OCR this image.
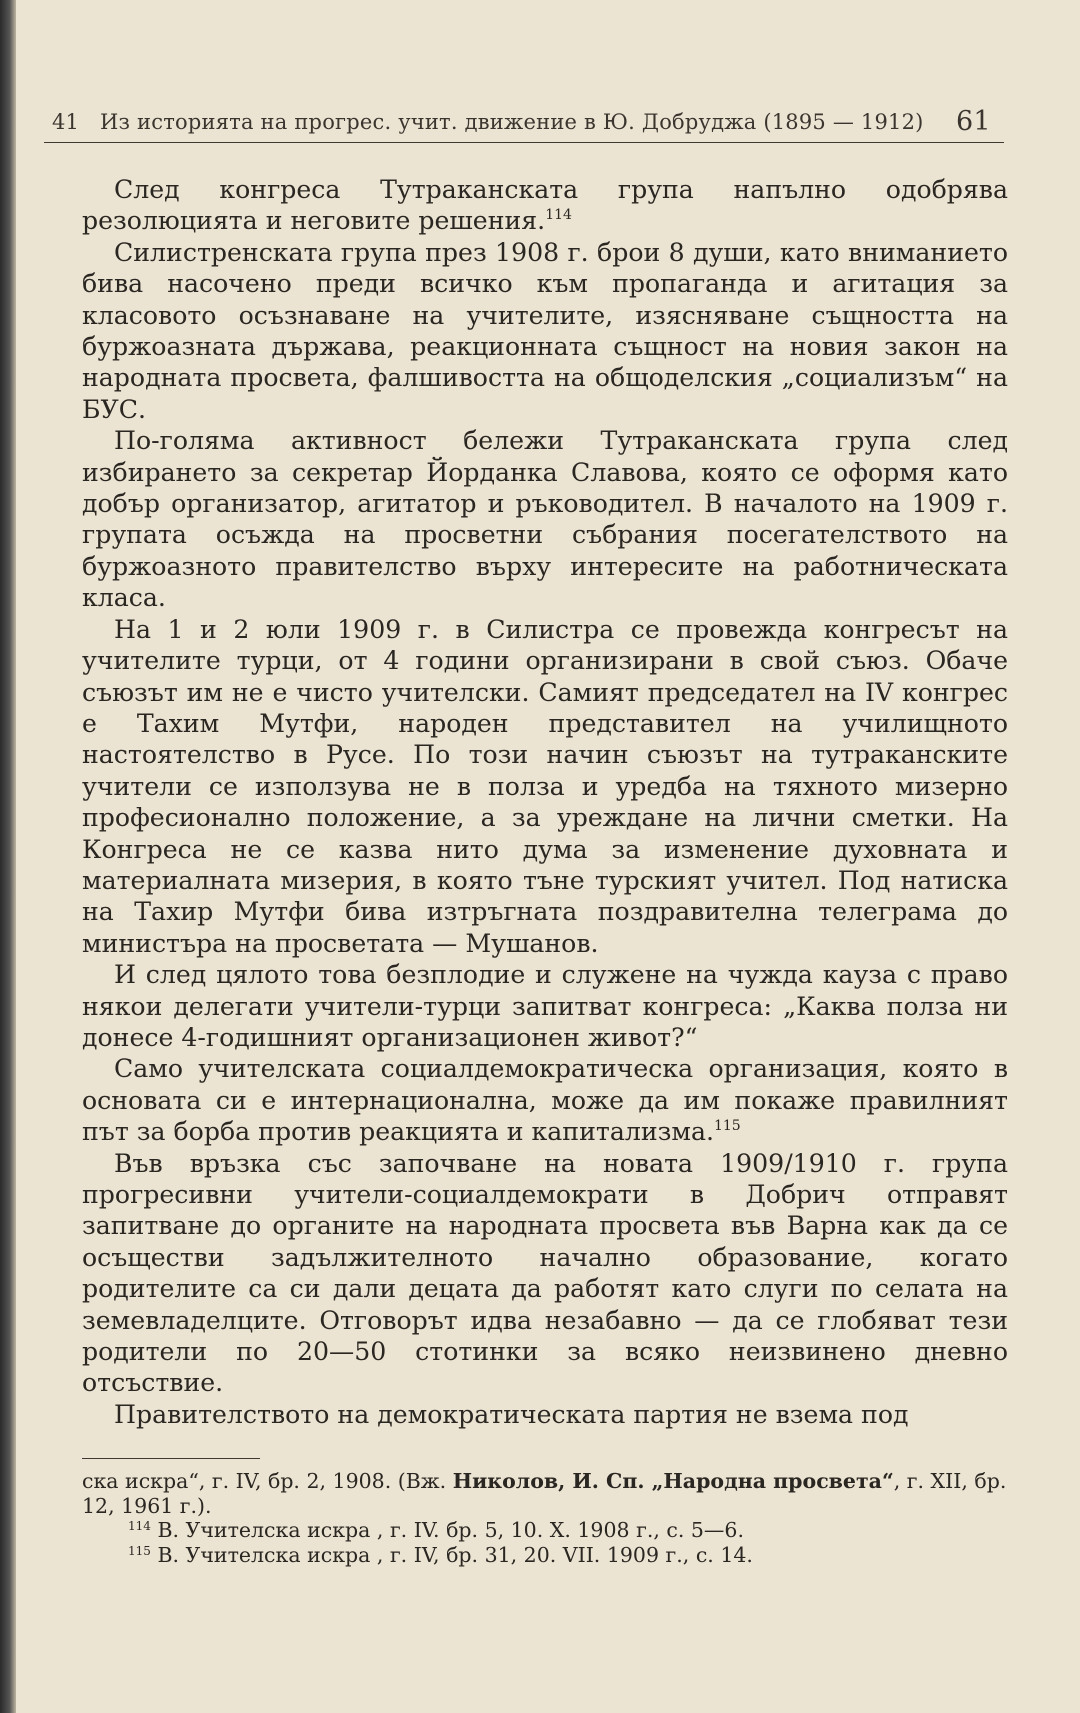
41 Из историята на прогрес. учит. движение в Ю. Добруджа (1895 — 1912) 61

След конгреса Тутраканската група напълно одобрява резолюцията и неговите решения.$^{114}$

Силистренската група през 1908 г. брои 8 души, като вниманието бива насочено преди всичко към пропаганда и агитация за класовото осъзнаване на учителите, изясняване същността на буржоазната държава, реакционната същност на новия закон на народната просвета, фалшивостта на общоделския „социализъм“ на БУС.

По-голяма активност бележи Тутраканската група след избирането за секретар Йорданка Славова, която се оформя като добър организатор, агитатор и ръководител. В началото на 1909 г. групата осъжда на просветни събрания посегателството на буржоазното правителство върху интересите на работническата класа.

На 1 и 2 юли 1909 г. в Силистра се провежда конгресът на учителите турци, от 4 години организирани в свой съюз. Обаче съюзът им не е чисто учителски. Самият председател на IV конгрес е Тахим Мутфи, народен представител на училищното настоятелство в Русе. По този начин съюзът на тутраканските учители се използува не в полза и уредба на тяхното мизерно професионално положение, а за уреждане на лични сметки. На Конгреса не се казва нито дума за изменение духовната и материалната мизерия, в която тъне турският учител. Под натиска на Тахир Мутфи бива изтръгната поздравителна телеграма до министъра на просветата — Мушанов.

И след цялото това безплодие и служене на чужда кауза с право някои делегати учители-турци запитват конгреса: „Каква полза ни донесе 4-годишният организационен живот?“

Само учителската социалдемократическа организация, която в основата си е интернационална, може да им покаже правилният път за борба против реакцията и капитализма.$^{115}$

Във връзка със започване на новата 1909/1910 г. група прогресивни учители-социалдемократи в Добрич отправят запитване до органите на народната просвета във Варна как да се осъществи задължителното начално образование, когато родителите са си дали децата да работят като слуги по селата на земевладелците. Отговорът идва незабавно — да се глобяват тези родители по 20—50 стотинки за всяко неизвинено дневно отсъствие.

Правителството на демократическата партия не взема под

ска искра“, г. IV, бр. 2, 1908. (Вж. Николов, И. Сп. „Народна просвета“, г. XII, бр. 12, 1961 г.).

$^{114}$ В. Учителска искра , г. IV. бр. 5, 10. X. 1908 г., с. 5—6.

$^{115}$ В. Учителска искра , г. IV, бр. 31, 20. VII. 1909 г., с. 14.
